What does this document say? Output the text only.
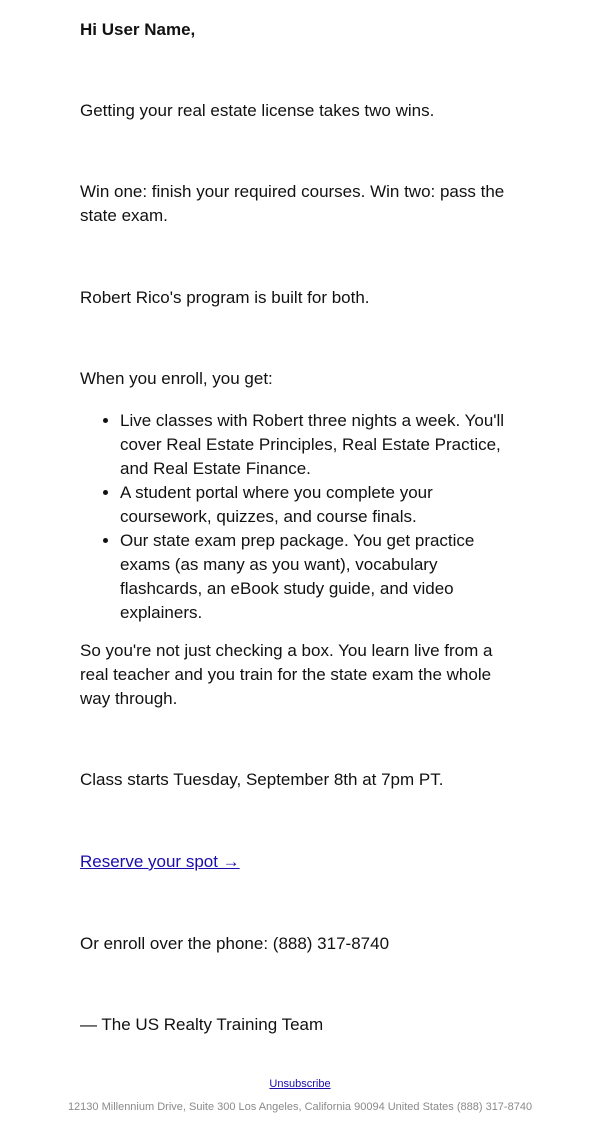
Hi User Name,

Getting your real estate license takes two wins.

Win one: finish your required courses. Win two: pass the state exam.

Robert Rico's program is built for both.

When you enroll, you get:

• Live classes with Robert three nights a week. You'll cover Real Estate Principles, Real Estate Practice, and Real Estate Finance.
• A student portal where you complete your coursework, quizzes, and course finals.
• Our state exam prep package. You get practice exams (as many as you want), vocabulary flashcards, an eBook study guide, and video explainers.

So you're not just checking a box. You learn live from a real teacher and you train for the state exam the whole way through.

Class starts Tuesday, September 8th at 7pm PT.

Reserve your spot →

Or enroll over the phone: (888) 317-8740

— The US Realty Training Team

Unsubscribe
12130 Millennium Drive, Suite 300 Los Angeles, California 90094 United States (888) 317-8740
